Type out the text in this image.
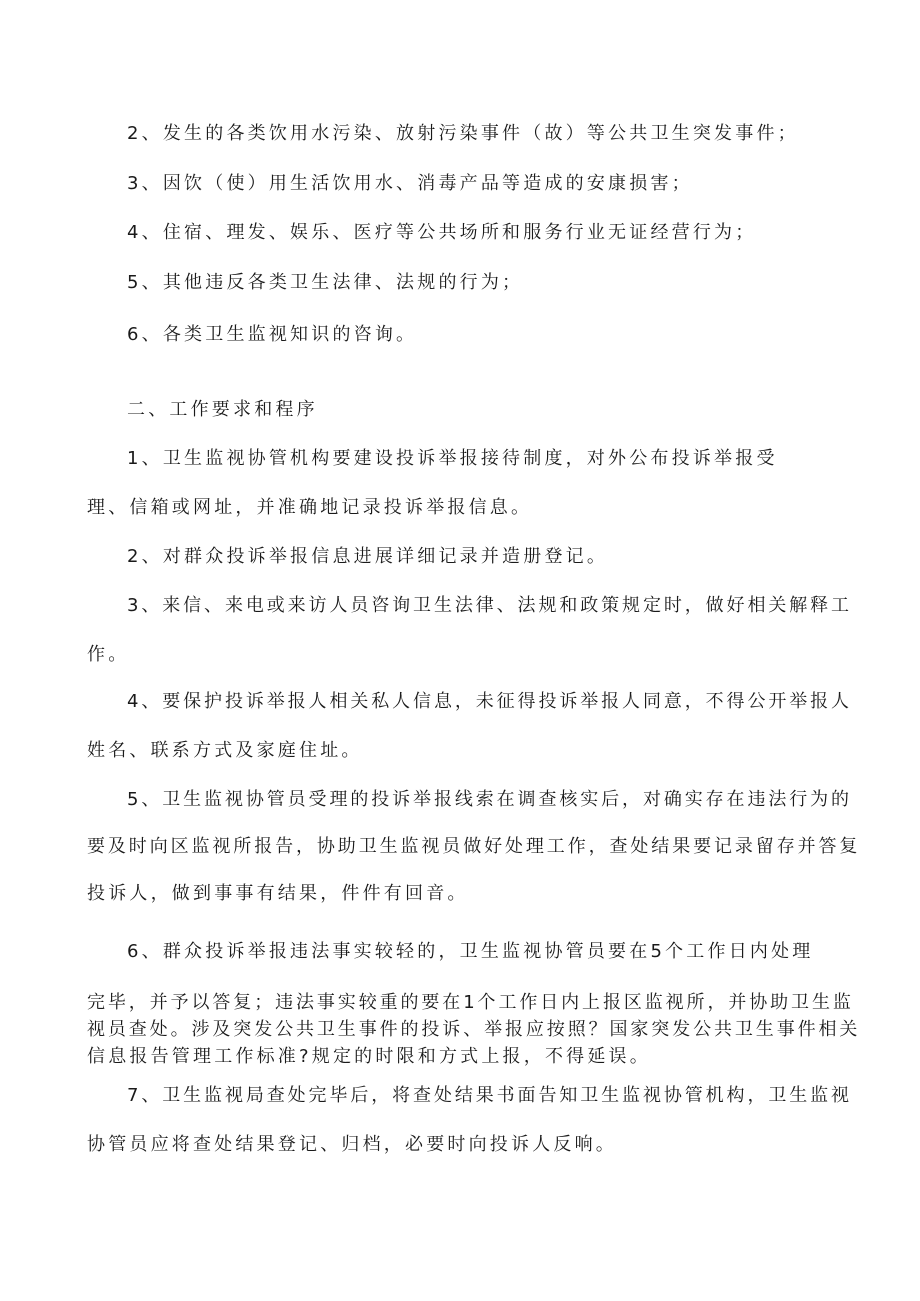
2、发生的各类饮用水污染、放射污染事件（故）等公共卫生突发事件；
3、因饮（使）用生活饮用水、消毒产品等造成的安康损害；
4、住宿、理发、娱乐、医疗等公共场所和服务行业无证经营行为；
5、其他违反各类卫生法律、法规的行为；
6、各类卫生监视知识的咨询。
二、工作要求和程序
1、卫生监视协管机构要建设投诉举报接待制度，对外公布投诉举报受
理、信箱或网址，并准确地记录投诉举报信息。
2、对群众投诉举报信息进展详细记录并造册登记。
3、来信、来电或来访人员咨询卫生法律、法规和政策规定时，做好相关解释工
作。
4、要保护投诉举报人相关私人信息，未征得投诉举报人同意，不得公开举报人
姓名、联系方式及家庭住址。
5、卫生监视协管员受理的投诉举报线索在调查核实后，对确实存在违法行为的
要及时向区监视所报告，协助卫生监视员做好处理工作，查处结果要记录留存并答复
投诉人，做到事事有结果，件件有回音。
6、群众投诉举报违法事实较轻的，卫生监视协管员要在5个工作日内处理
完毕，并予以答复；违法事实较重的要在1个工作日内上报区监视所，并协助卫生监
视员查处。涉及突发公共卫生事件的投诉、举报应按照？国家突发公共卫生事件相关
信息报告管理工作标准?规定的时限和方式上报，不得延误。
7、卫生监视局查处完毕后，将查处结果书面告知卫生监视协管机构，卫生监视
协管员应将查处结果登记、归档，必要时向投诉人反响。
